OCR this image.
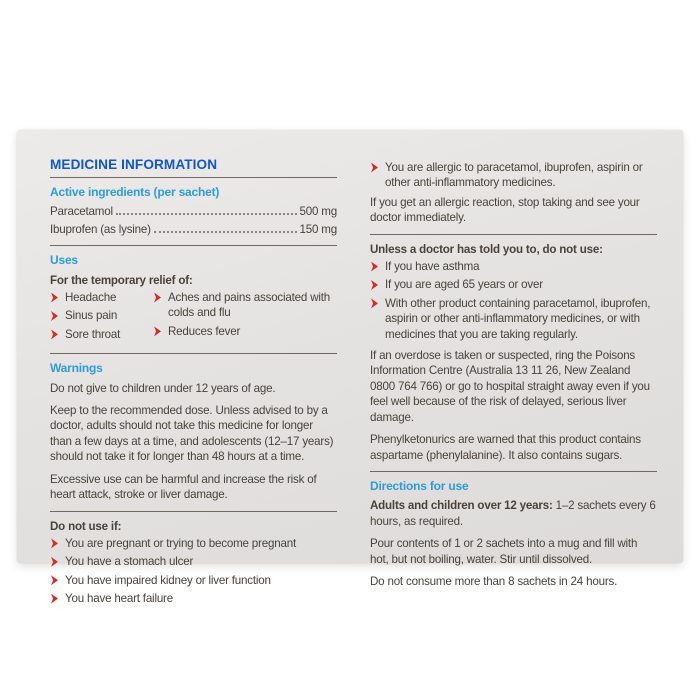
MEDICINE INFORMATION
Active ingredients (per sachet)
Paracetamol	500 mg
Ibuprofen (as lysine)	150 mg
Uses
For the temporary relief of:
Headache
Sinus pain
Sore throat
Aches and pains associated with colds and flu
Reduces fever
Warnings

Do not give to children under 12 years of age.

Keep to the recommended dose. Unless advised to by a doctor, adults should not take this medicine for longer than a few days at a time, and adolescents (12–17 years) should not take it for longer than 48 hours at a time.

Excessive use can be harmful and increase the risk of heart attack, stroke or liver damage.

Do not use if:
You are pregnant or trying to become pregnant
You have a stomach ulcer
You have impaired kidney or liver function
You have heart failure
You are allergic to paracetamol, ibuprofen, aspirin or other anti-inflammatory medicines.

If you get an allergic reaction, stop taking and see your doctor immediately.

Unless a doctor has told you to, do not use:
If you have asthma
If you are aged 65 years or over
With other product containing paracetamol, ibuprofen, aspirin or other anti-inflammatory medicines, or with medicines that you are taking regularly.

If an overdose is taken or suspected, ring the Poisons Information Centre (Australia 13 11 26, New Zealand 0800 764 766) or go to hospital straight away even if you feel well because of the risk of delayed, serious liver damage.

Phenylketonurics are warned that this product contains aspartame (phenylalanine). It also contains sugars.

Directions for use

Adults and children over 12 years: 1–2 sachets every 6 hours, as required.

Pour contents of 1 or 2 sachets into a mug and fill with hot, but not boiling, water. Stir until dissolved.

Do not consume more than 8 sachets in 24 hours.
